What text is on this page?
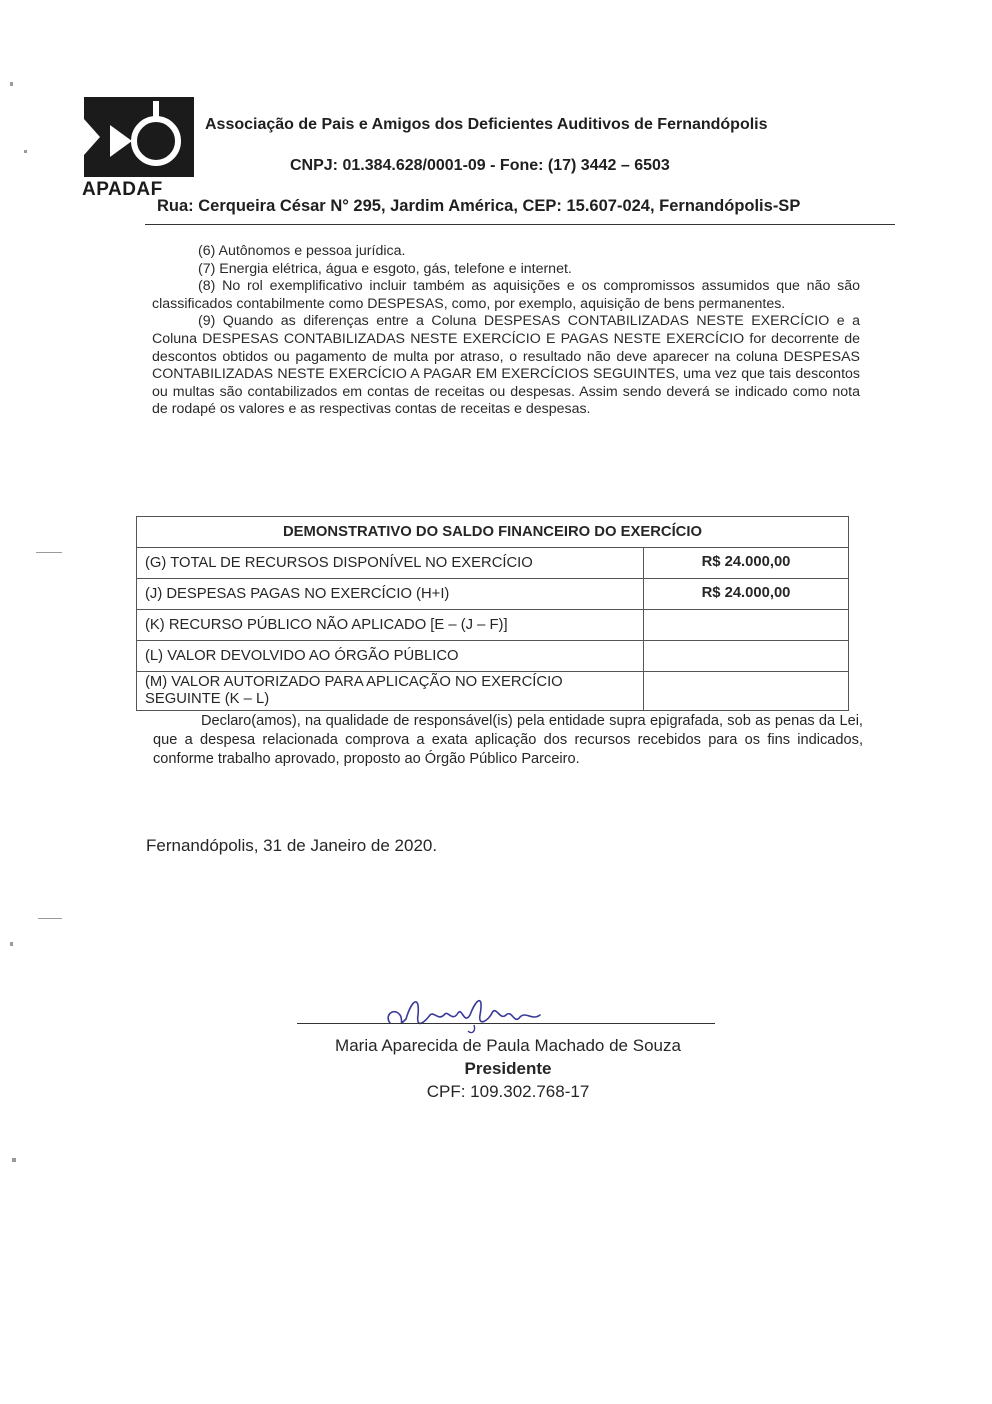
APADAF
Associação de Pais e Amigos dos Deficientes Auditivos de Fernandópolis
CNPJ: 01.384.628/0001-09 - Fone: (17) 3442 – 6503
Rua: Cerqueira César N° 295, Jardim América, CEP: 15.607-024, Fernandópolis-SP

(6) Autônomos e pessoa jurídica.

(7) Energia elétrica, água e esgoto, gás, telefone e internet.

(8) No rol exemplificativo incluir também as aquisições e os compromissos assumidos que não são classificados contabilmente como DESPESAS, como, por exemplo, aquisição de bens permanentes.

(9) Quando as diferenças entre a Coluna DESPESAS CONTABILIZADAS NESTE EXERCÍCIO e a Coluna DESPESAS CONTABILIZADAS NESTE EXERCÍCIO E PAGAS NESTE EXERCÍCIO for decorrente de descontos obtidos ou pagamento de multa por atraso, o resultado não deve aparecer na coluna DESPESAS CONTABILIZADAS NESTE EXERCÍCIO A PAGAR EM EXERCÍCIOS SEGUINTES, uma vez que tais descontos ou multas são contabilizados em contas de receitas ou despesas. Assim sendo deverá se indicado como nota de rodapé os valores e as respectivas contas de receitas e despesas.

DEMONSTRATIVO DO SALDO FINANCEIRO DO EXERCÍCIO	
(G) TOTAL DE RECURSOS DISPONÍVEL NO EXERCÍCIO	R$ 24.000,00
(J) DESPESAS PAGAS NO EXERCÍCIO (H+I)	R$ 24.000,00
(K) RECURSO PÚBLICO NÃO APLICADO [E – (J – F)]	
(L) VALOR DEVOLVIDO AO ÓRGÃO PÚBLICO	
(M) VALOR AUTORIZADO PARA APLICAÇÃO NO EXERCÍCIO SEGUINTE (K – L)	

Declaro(amos), na qualidade de responsável(is) pela entidade supra epigrafada, sob as penas da Lei, que a despesa relacionada comprova a exata aplicação dos recursos recebidos para os fins indicados, conforme trabalho aprovado, proposto ao Órgão Público Parceiro.

Fernandópolis, 31 de Janeiro de 2020.
Maria Aparecida de Paula Machado de Souza
Presidente
CPF: 109.302.768-17
